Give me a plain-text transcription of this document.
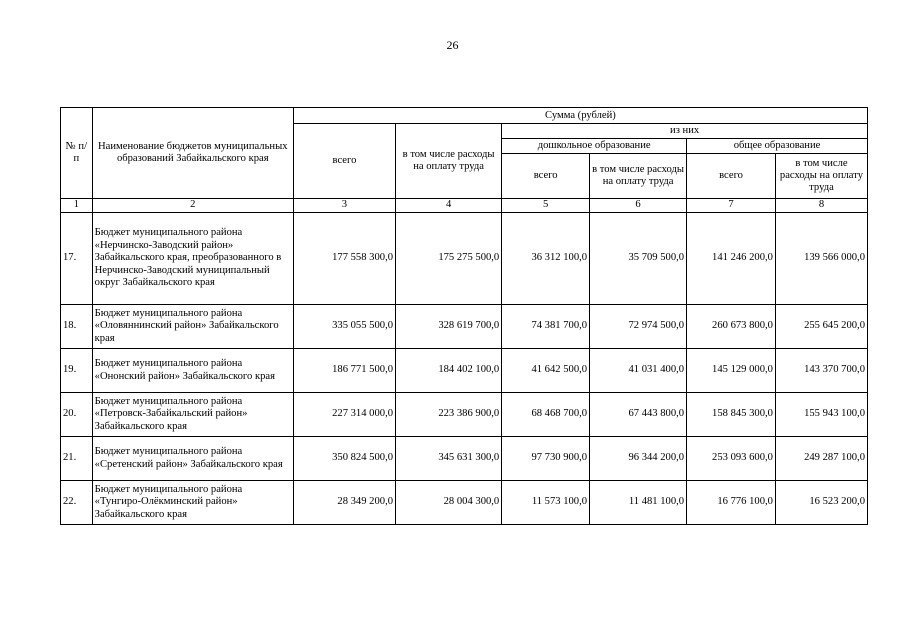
26
№ п/п	Наименование бюджетов муниципальных образований Забайкальского края	Сумма (рублей)					
		всего	в том числе расходы на оплату труда	из них			
				дошкольное образование		общее образование	
				всего	в том числе расходы на оплату труда	всего	в том числе расходы на оплату труда
1	2	3	4	5	6	7	8
17.	Бюджет муниципального района «Нерчинско-Заводский район» Забайкальского края, преобразованного в Нерчинско-Заводский муниципальный округ Забайкальского края	177 558 300,0	175 275 500,0	36 312 100,0	35 709 500,0	141 246 200,0	139 566 000,0
18.	Бюджет муниципального района «Оловяннинский район» Забайкальского края	335 055 500,0	328 619 700,0	74 381 700,0	72 974 500,0	260 673 800,0	255 645 200,0
19.	Бюджет муниципального района «Ононский район» Забайкальского края	186 771 500,0	184 402 100,0	41 642 500,0	41 031 400,0	145 129 000,0	143 370 700,0
20.	Бюджет муниципального района «Петровск-Забайкальский район» Забайкальского края	227 314 000,0	223 386 900,0	68 468 700,0	67 443 800,0	158 845 300,0	155 943 100,0
21.	Бюджет муниципального района «Сретенский район» Забайкальского края	350 824 500,0	345 631 300,0	97 730 900,0	96 344 200,0	253 093 600,0	249 287 100,0
22.	Бюджет муниципального района «Тунгиро-Олёкминский район» Забайкальского края	28 349 200,0	28 004 300,0	11 573 100,0	11 481 100,0	16 776 100,0	16 523 200,0
